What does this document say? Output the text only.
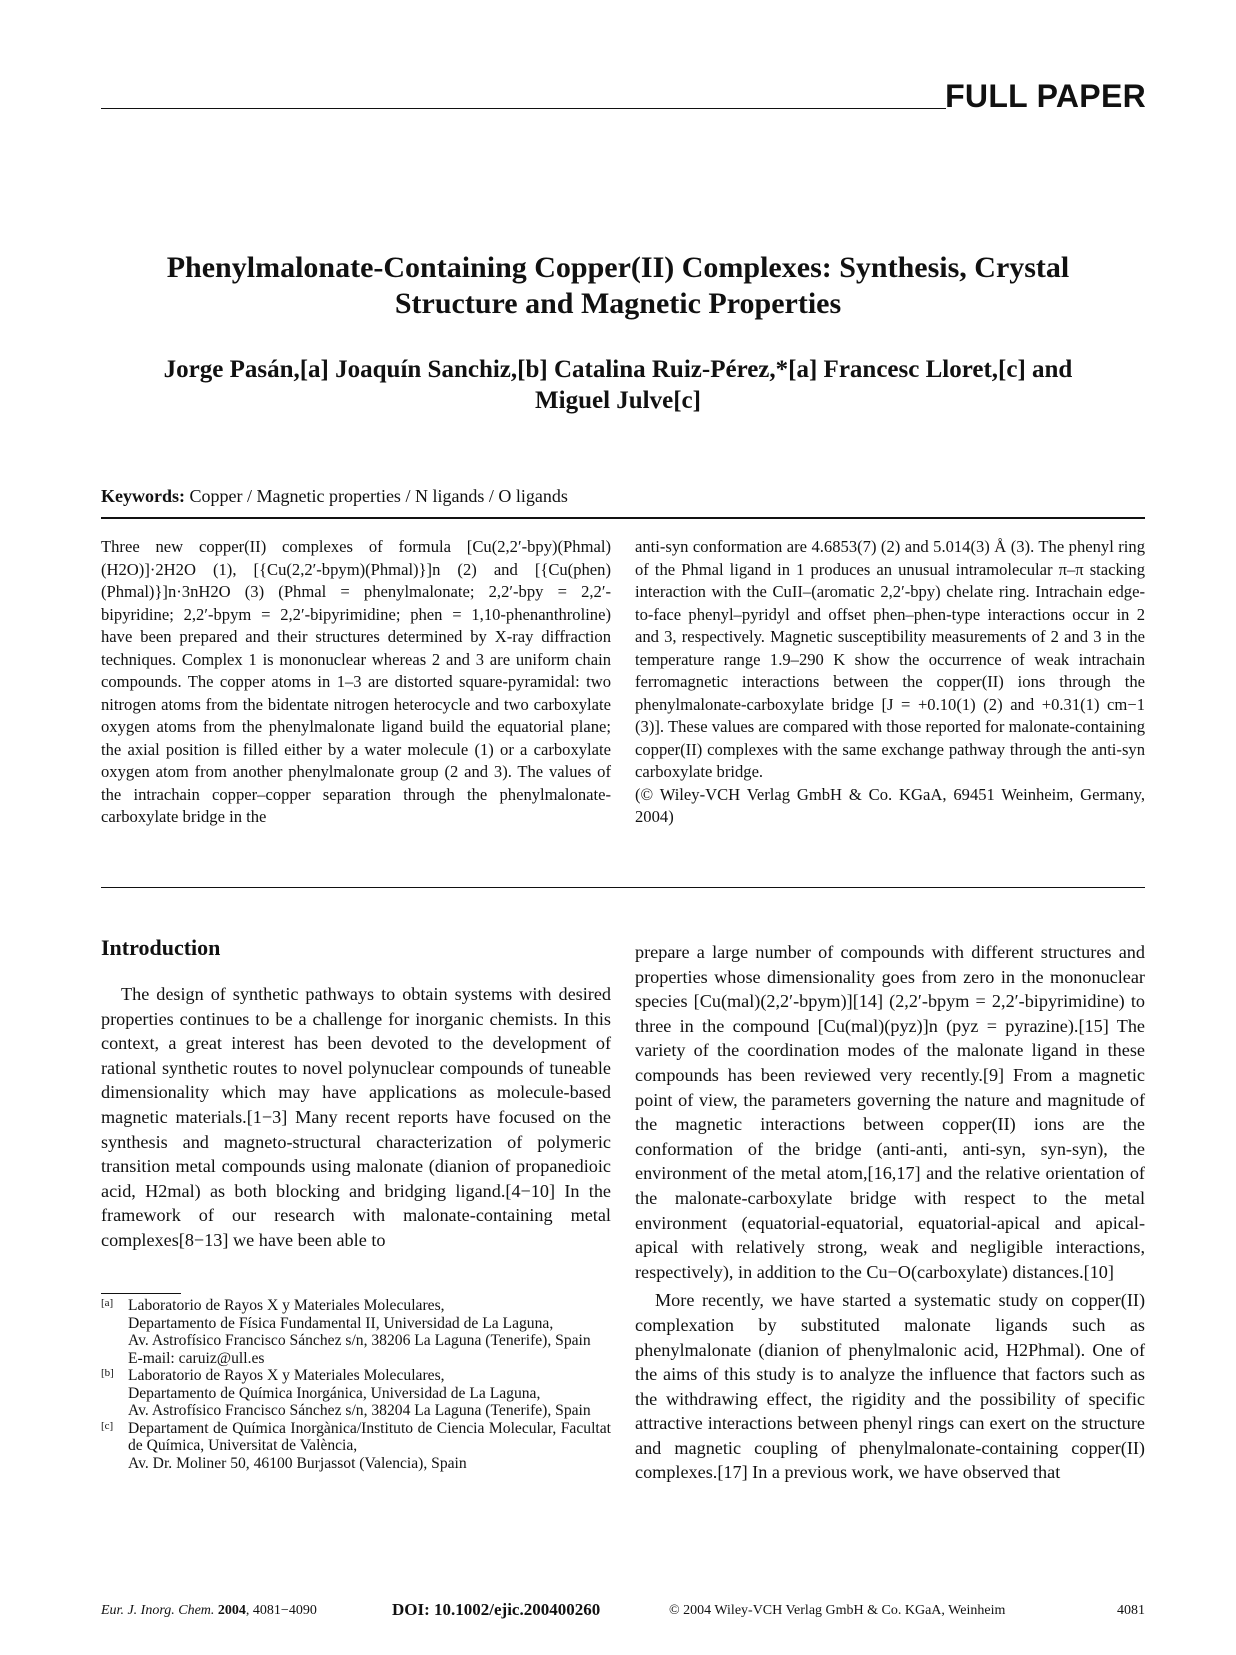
FULL PAPER
Phenylmalonate-Containing Copper(II) Complexes: Synthesis, Crystal Structure and Magnetic Properties
Jorge Pasán,[a] Joaquín Sanchiz,[b] Catalina Ruiz-Pérez,*[a] Francesc Lloret,[c] and Miguel Julve[c]
Keywords: Copper / Magnetic properties / N ligands / O ligands
Three new copper(II) complexes of formula [Cu(2,2′-bpy)(Phmal)(H2O)]·2H2O (1), [{Cu(2,2′-bpym)(Phmal)}]n (2) and [{Cu(phen)(Phmal)}]n·3nH2O (3) (Phmal = phenylmalonate; 2,2′-bpy = 2,2′-bipyridine; 2,2′-bpym = 2,2′-bipyrimidine; phen = 1,10-phenanthroline) have been prepared and their structures determined by X-ray diffraction techniques. Complex 1 is mononuclear whereas 2 and 3 are uniform chain compounds. The copper atoms in 1–3 are distorted square-pyramidal: two nitrogen atoms from the bidentate nitrogen heterocycle and two carboxylate oxygen atoms from the phenylmalonate ligand build the equatorial plane; the axial position is filled either by a water molecule (1) or a carboxylate oxygen atom from another phenylmalonate group (2 and 3). The values of the intrachain copper–copper separation through the phenylmalonate-carboxylate bridge in the
anti-syn conformation are 4.6853(7) (2) and 5.014(3) Å (3). The phenyl ring of the Phmal ligand in 1 produces an unusual intramolecular π–π stacking interaction with the CuII–(aromatic 2,2′-bpy) chelate ring. Intrachain edge-to-face phenyl–pyridyl and offset phen–phen-type interactions occur in 2 and 3, respectively. Magnetic susceptibility measurements of 2 and 3 in the temperature range 1.9–290 K show the occurrence of weak intrachain ferromagnetic interactions between the copper(II) ions through the phenylmalonate-carboxylate bridge [J = +0.10(1) (2) and +0.31(1) cm−1 (3)]. These values are compared with those reported for malonate-containing copper(II) complexes with the same exchange pathway through the anti-syn carboxylate bridge.
(© Wiley-VCH Verlag GmbH & Co. KGaA, 69451 Weinheim, Germany, 2004)
Introduction
The design of synthetic pathways to obtain systems with desired properties continues to be a challenge for inorganic chemists. In this context, a great interest has been devoted to the development of rational synthetic routes to novel polynuclear compounds of tuneable dimensionality which may have applications as molecule-based magnetic materials.[1−3] Many recent reports have focused on the synthesis and magneto-structural characterization of polymeric transition metal compounds using malonate (dianion of propanedioic acid, H2mal) as both blocking and bridging ligand.[4−10] In the framework of our research with malonate-containing metal complexes[8−13] we have been able to

prepare a large number of compounds with different structures and properties whose dimensionality goes from zero in the mononuclear species [Cu(mal)(2,2′-bpym)][14] (2,2′-bpym = 2,2′-bipyrimidine) to three in the compound [Cu(mal)(pyz)]n (pyz = pyrazine).[15] The variety of the coordination modes of the malonate ligand in these compounds has been reviewed very recently.[9] From a magnetic point of view, the parameters governing the nature and magnitude of the magnetic interactions between copper(II) ions are the conformation of the bridge (anti-anti, anti-syn, syn-syn), the environment of the metal atom,[16,17] and the relative orientation of the malonate-carboxylate bridge with respect to the metal environment (equatorial-equatorial, equatorial-apical and apical-apical with relatively strong, weak and negligible interactions, respectively), in addition to the Cu−O(carboxylate) distances.[10]

More recently, we have started a systematic study on copper(II) complexation by substituted malonate ligands such as phenylmalonate (dianion of phenylmalonic acid, H2Phmal). One of the aims of this study is to analyze the influence that factors such as the withdrawing effect, the rigidity and the possibility of specific attractive interactions between phenyl rings can exert on the structure and magnetic coupling of phenylmalonate-containing copper(II) complexes.[17] In a previous work, we have observed that

[a] Laboratorio de Rayos X y Materiales Moleculares,
Departamento de Física Fundamental II, Universidad de La Laguna,
Av. Astrofísico Francisco Sánchez s/n, 38206 La Laguna (Tenerife), Spain
E-mail: caruiz@ull.es
[b] Laboratorio de Rayos X y Materiales Moleculares,
Departamento de Química Inorgánica, Universidad de La Laguna,
Av. Astrofísico Francisco Sánchez s/n, 38204 La Laguna (Tenerife), Spain
[c] Departament de Química Inorgànica/Instituto de Ciencia Molecular, Facultat de Química, Universitat de València,
Av. Dr. Moliner 50, 46100 Burjassot (Valencia), Spain
Eur. J. Inorg. Chem. 2004, 4081−4090	DOI: 10.1002/ejic.200400260	© 2004 Wiley-VCH Verlag GmbH & Co. KGaA, Weinheim	4081
